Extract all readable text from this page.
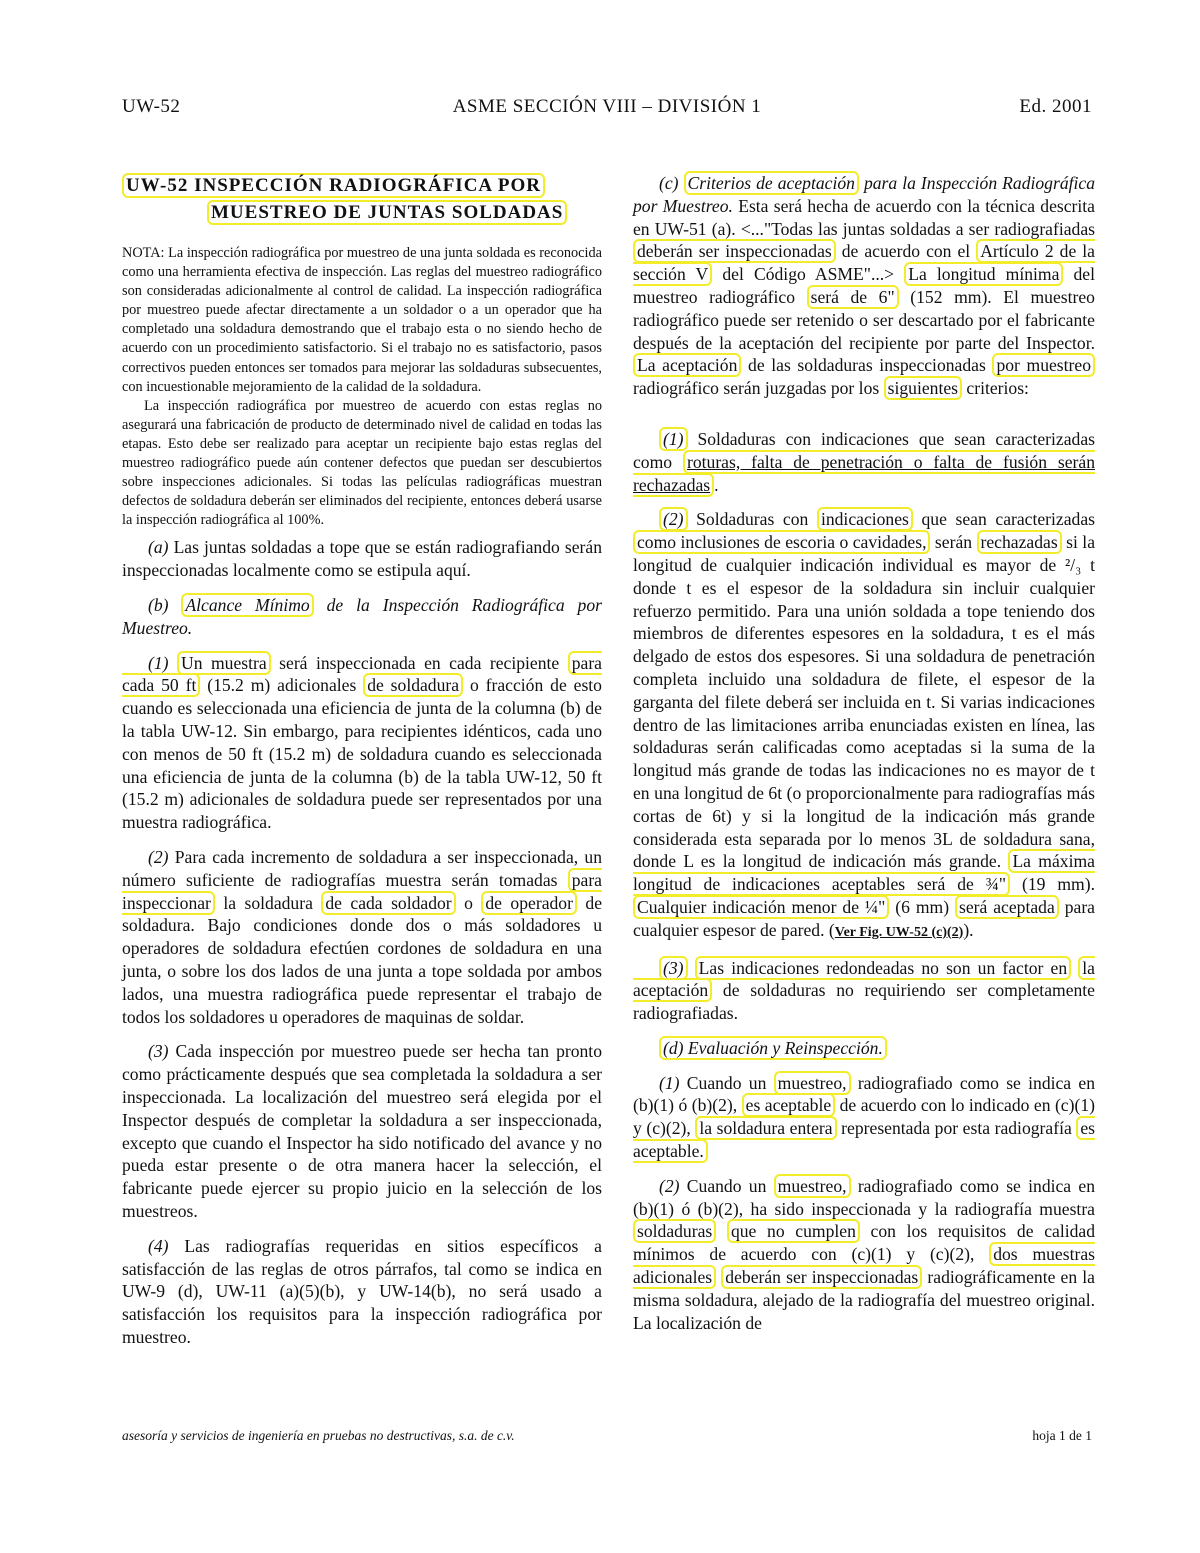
UW-52	ASME SECCIÓN VIII – DIVISIÓN 1	Ed. 2001
UW-52 INSPECCIÓN RADIOGRÁFICA POR
MUESTREO DE JUNTAS SOLDADAS

NOTA: La inspección radiográfica por muestreo de una junta soldada es reconocida como una herramienta efectiva de inspección. Las reglas del muestreo radiográfico son consideradas adicionalmente al control de calidad. La inspección radiográfica por muestreo puede afectar directamente a un soldador o a un operador que ha completado una soldadura demostrando que el trabajo esta o no siendo hecho de acuerdo con un procedimiento satisfactorio. Si el trabajo no es satisfactorio, pasos correctivos pueden entonces ser tomados para mejorar las soldaduras subsecuentes, con incuestionable mejoramiento de la calidad de la soldadura.

La inspección radiográfica por muestreo de acuerdo con estas reglas no asegurará una fabricación de producto de determinado nivel de calidad en todas las etapas. Esto debe ser realizado para aceptar un recipiente bajo estas reglas del muestreo radiográfico puede aún contener defectos que puedan ser descubiertos sobre inspecciones adicionales. Si todas las películas radiográficas muestran defectos de soldadura deberán ser eliminados del recipiente, entonces deberá usarse la inspección radiográfica al 100%.

(a) Las juntas soldadas a tope que se están radiografiando serán inspeccionadas localmente como se estipula aquí.

(b) Alcance Mínimo de la Inspección Radiográfica por Muestreo.

(1) Un muestra será inspeccionada en cada recipiente para cada 50 ft (15.2 m) adicionales de soldadura o fracción de esto cuando es seleccionada una eficiencia de junta de la columna (b) de la tabla UW-12. Sin embargo, para recipientes idénticos, cada uno con menos de 50 ft (15.2 m) de soldadura cuando es seleccionada una eficiencia de junta de la columna (b) de la tabla UW-12, 50 ft (15.2 m) adicionales de soldadura puede ser representados por una muestra radiográfica.

(2) Para cada incremento de soldadura a ser inspeccionada, un número suficiente de radiografías muestra serán tomadas para inspeccionar la soldadura de cada soldador o de operador de soldadura. Bajo condiciones donde dos o más soldadores u operadores de soldadura efectúen cordones de soldadura en una junta, o sobre los dos lados de una junta a tope soldada por ambos lados, una muestra radiográfica puede representar el trabajo de todos los soldadores u operadores de maquinas de soldar.

(3) Cada inspección por muestreo puede ser hecha tan pronto como prácticamente después que sea completada la soldadura a ser inspeccionada. La localización del muestreo será elegida por el Inspector después de completar la soldadura a ser inspeccionada, excepto que cuando el Inspector ha sido notificado del avance y no pueda estar presente o de otra manera hacer la selección, el fabricante puede ejercer su propio juicio en la selección de los muestreos.

(4) Las radiografías requeridas en sitios específicos a satisfacción de las reglas de otros párrafos, tal como se indica en UW-9 (d), UW-11 (a)(5)(b), y UW-14(b), no será usado a satisfacción los requisitos para la inspección radiográfica por muestreo.

(c) Criterios de aceptación para la Inspección Radiográfica por Muestreo. Esta será hecha de acuerdo con la técnica descrita en UW-51 (a). <..."Todas las juntas soldadas a ser radiografiadas deberán ser inspeccionadas de acuerdo con el Artículo 2 de la sección V del Código ASME"...> La longitud mínima del muestreo radiográfico será de 6" (152 mm). El muestreo radiográfico puede ser retenido o ser descartado por el fabricante después de la aceptación del recipiente por parte del Inspector. La aceptación de las soldaduras inspeccionadas por muestreo radiográfico serán juzgadas por los siguientes criterios:

(1) Soldaduras con indicaciones que sean caracterizadas como roturas, falta de penetración o falta de fusión serán rechazadas .

(2) Soldaduras con indicaciones que sean caracterizadas como inclusiones de escoria o cavidades, serán rechazadas si la longitud de cualquier indicación individual es mayor de ²/₃ t donde t es el espesor de la soldadura sin incluir cualquier refuerzo permitido. Para una unión soldada a tope teniendo dos miembros de diferentes espesores en la soldadura, t es el más delgado de estos dos espesores. Si una soldadura de penetración completa incluido una soldadura de filete, el espesor de la garganta del filete deberá ser incluida en t. Si varias indicaciones dentro de las limitaciones arriba enunciadas existen en línea, las soldaduras serán calificadas como aceptadas si la suma de la longitud más grande de todas las indicaciones no es mayor de t en una longitud de 6t (o proporcionalmente para radiografías más cortas de 6t) y si la longitud de la indicación más grande considerada esta separada por lo menos 3L de soldadura sana, donde L es la longitud de indicación más grande. La máxima longitud de indicaciones aceptables será de ¾" (19 mm). Cualquier indicación menor de ¼" (6 mm) será aceptada para cualquier espesor de pared. (Ver Fig. UW-52 (c)(2)).

(3) Las indicaciones redondeadas no son un factor en la aceptación de soldaduras no requiriendo ser completamente radiografiadas.

(d) Evaluación y Reinspección.

(1) Cuando un muestreo, radiografiado como se indica en (b)(1) ó (b)(2), es aceptable de acuerdo con lo indicado en (c)(1) y (c)(2), la soldadura entera representada por esta radiografía es aceptable.

(2) Cuando un muestreo, radiografiado como se indica en (b)(1) ó (b)(2), ha sido inspeccionada y la radiografía muestra soldaduras que no cumplen con los requisitos de calidad mínimos de acuerdo con (c)(1) y (c)(2), dos muestras adicionales deberán ser inspeccionadas radiográficamente en la misma soldadura, alejado de la radiografía del muestreo original. La localización de

asesoría y servicios de ingeniería en pruebas no destructivas, s.a. de c.v.	hoja 1 de 1
